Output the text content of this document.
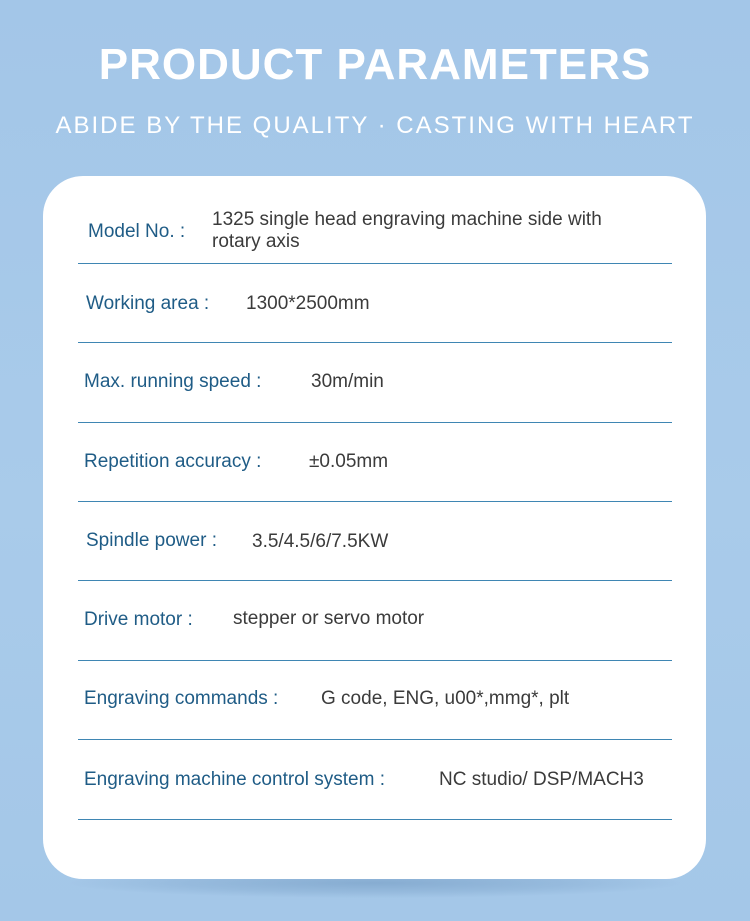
PRODUCT PARAMETERS
ABIDE BY THE QUALITY · CASTING WITH HEART
Model No. :
1325 single head engraving machine side with rotary axis
Working area : 1300*2500mm
Max. running speed :	30m/min
Repetition accuracy :	±0.05mm
Spindle power : 3.5/4.5/6/7.5KW
Drive motor : stepper or servo motor
Engraving commands : G code, ENG, u00*,mmg*, plt
Engraving machine control system :	NC studio/ DSP/MACH3
